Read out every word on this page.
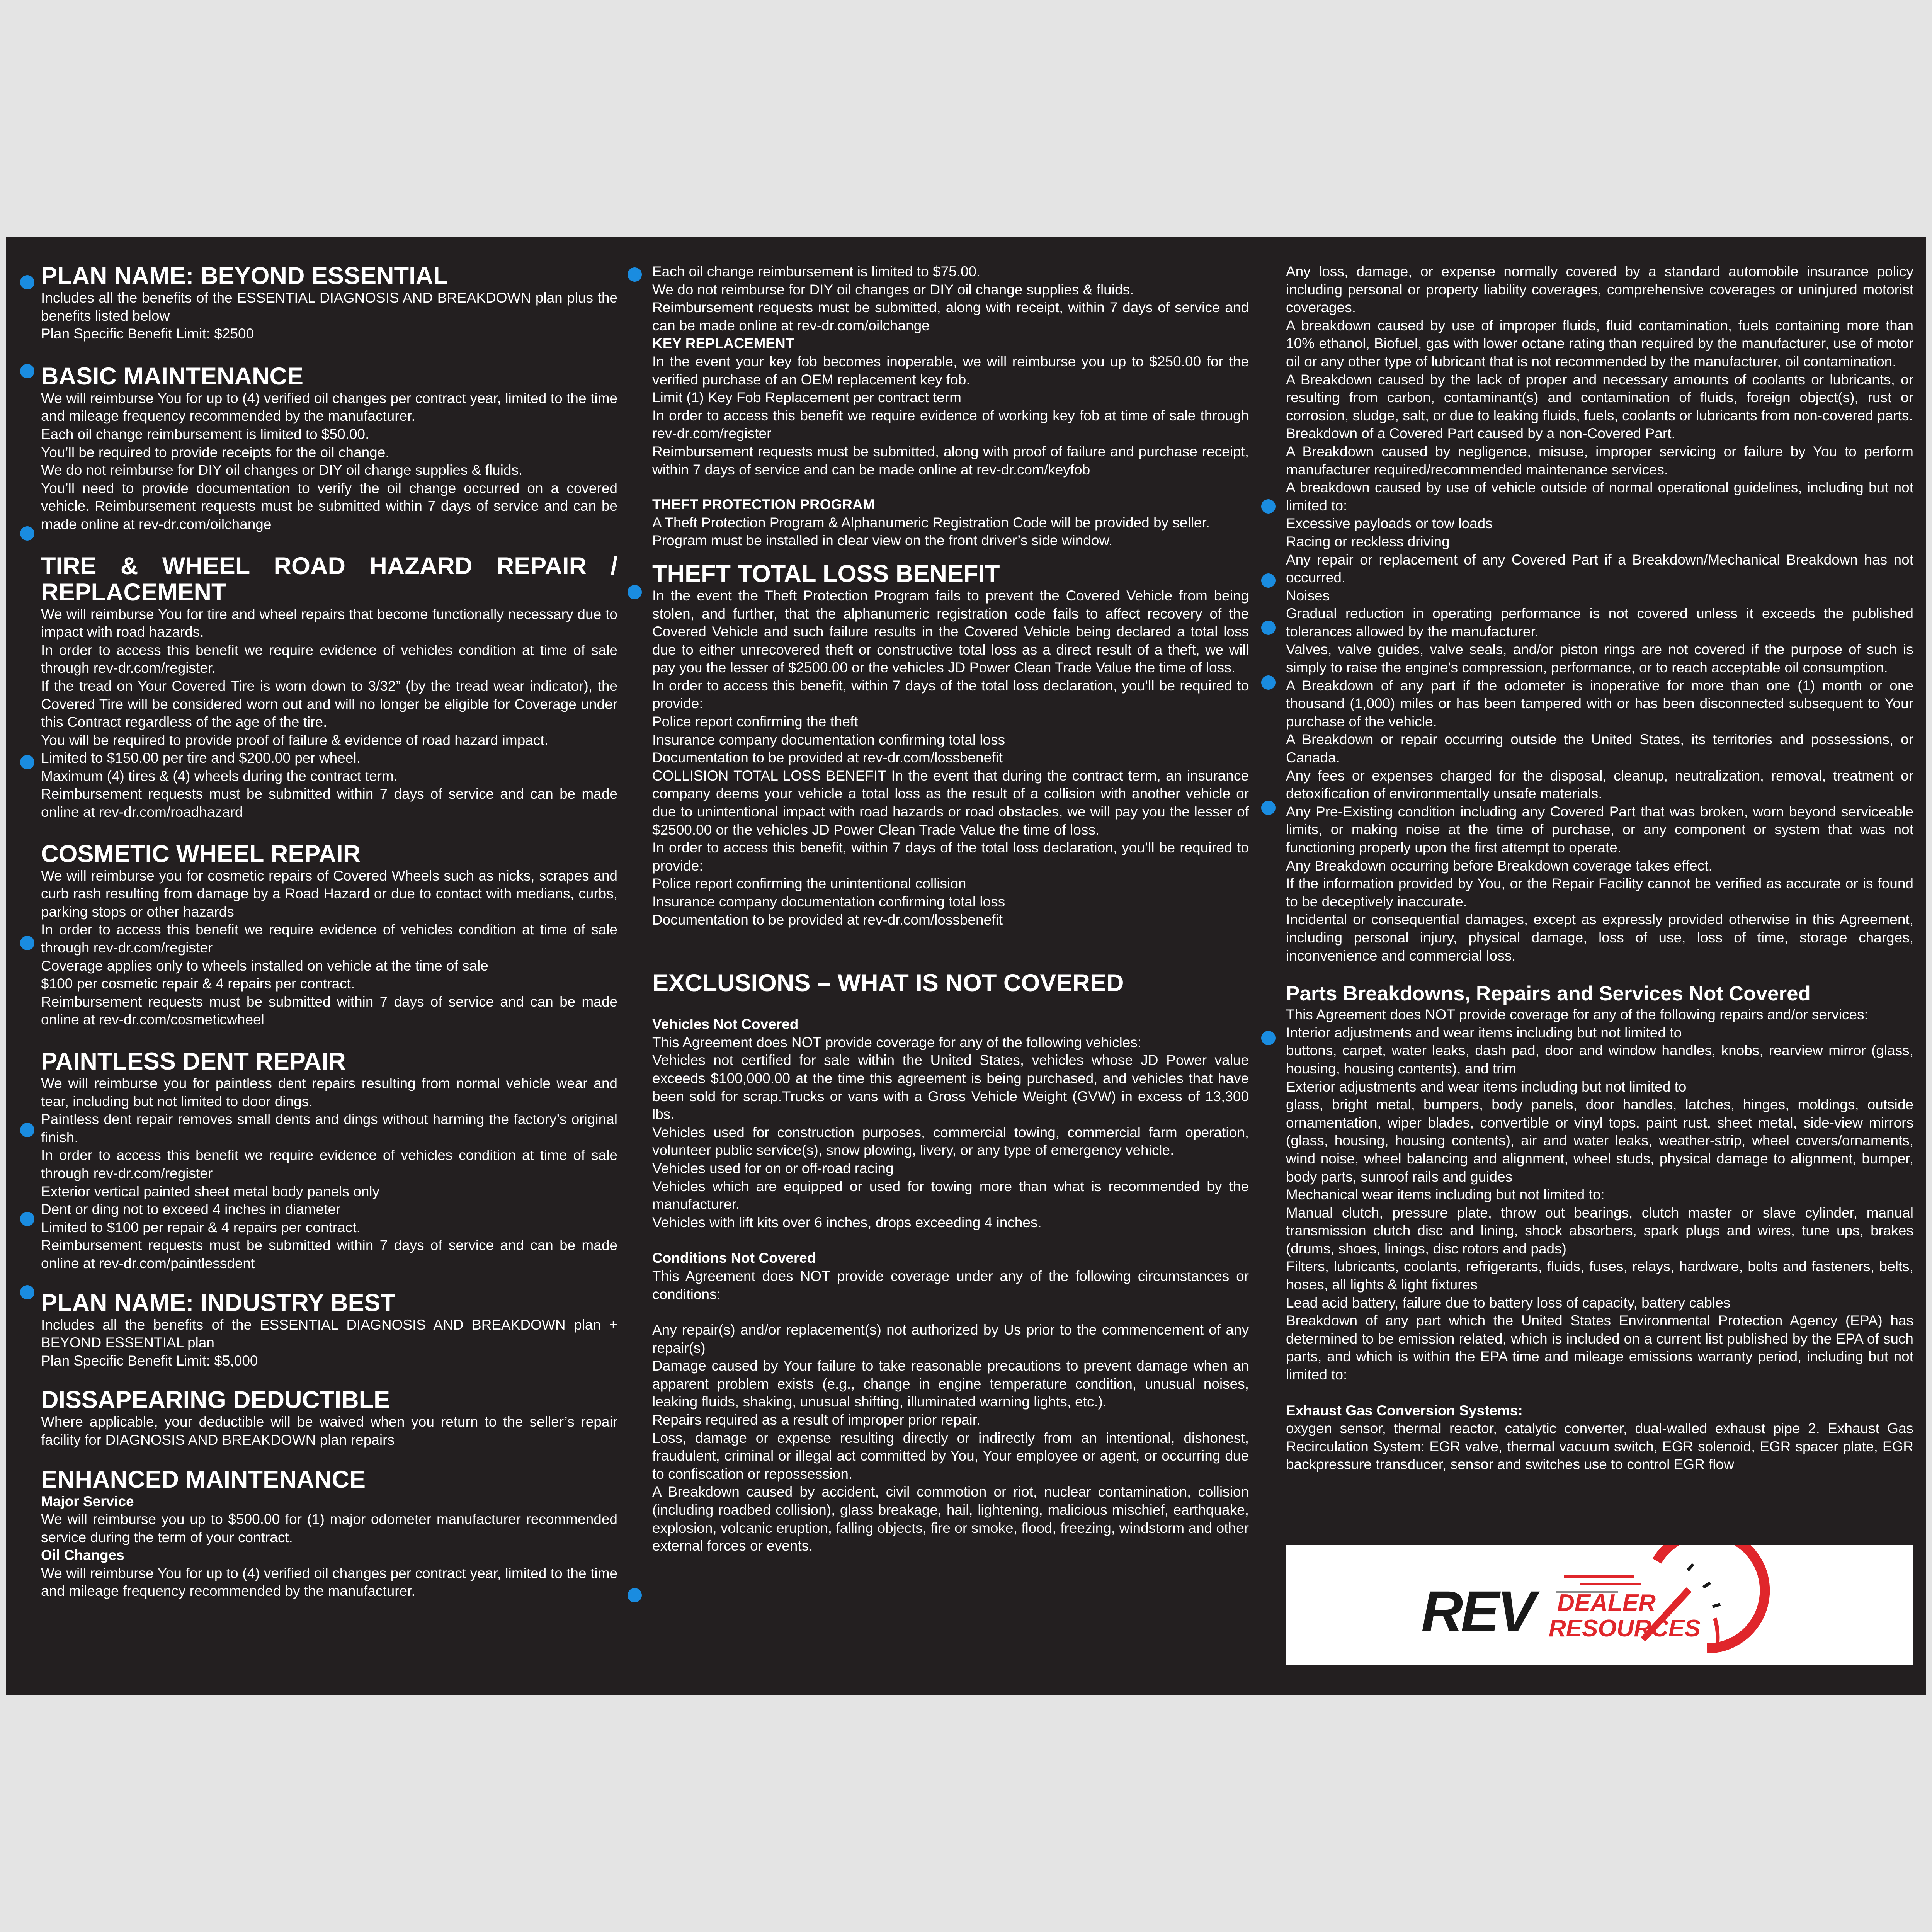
PLAN NAME: BEYOND ESSENTIAL

Includes all the benefits of the ESSENTIAL DIAGNOSIS AND BREAKDOWN plan plus the benefits listed below

Plan Specific Benefit Limit: $2500

BASIC MAINTENANCE

We will reimburse You for up to (4) verified oil changes per contract year, limited to the time and mileage frequency recommended by the manufacturer.

Each oil change reimbursement is limited to $50.00.

You’ll be required to provide receipts for the oil change.

We do not reimburse for DIY oil changes or DIY oil change supplies & fluids.

You’ll need to provide documentation to verify the oil change occurred on a covered vehicle. Reimbursement requests must be submitted within 7 days of service and can be made online at rev-dr.com/oilchange

TIRE & WHEEL ROAD HAZARD REPAIR / REPLACEMENT

We will reimburse You for tire and wheel repairs that become functionally necessary due to impact with road hazards.

In order to access this benefit we require evidence of vehicles condition at time of sale through rev-dr.com/register.

If the tread on Your Covered Tire is worn down to 3/32” (by the tread wear indicator), the Covered Tire will be considered worn out and will no longer be eligible for Coverage under this Contract regardless of the age of the tire.

You will be required to provide proof of failure & evidence of road hazard impact.

Limited to $150.00 per tire and $200.00 per wheel.

Maximum (4) tires & (4) wheels during the contract term.

Reimbursement requests must be submitted within 7 days of service and can be made online at rev-dr.com/roadhazard

COSMETIC WHEEL REPAIR

We will reimburse you for cosmetic repairs of Covered Wheels such as nicks, scrapes and curb rash resulting from damage by a Road Hazard or due to contact with medians, curbs, parking stops or other hazards

In order to access this benefit we require evidence of vehicles condition at time of sale through rev-dr.com/register

Coverage applies only to wheels installed on vehicle at the time of sale

$100 per cosmetic repair & 4 repairs per contract.

Reimbursement requests must be submitted within 7 days of service and can be made online at rev-dr.com/cosmeticwheel

PAINTLESS DENT REPAIR

We will reimburse you for paintless dent repairs resulting from normal vehicle wear and tear, including but not limited to door dings.

Paintless dent repair removes small dents and dings without harming the factory’s original finish.

In order to access this benefit we require evidence of vehicles condition at time of sale through rev-dr.com/register

Exterior vertical painted sheet metal body panels only

Dent or ding not to exceed 4 inches in diameter

Limited to $100 per repair & 4 repairs per contract.

Reimbursement requests must be submitted within 7 days of service and can be made online at rev-dr.com/paintlessdent

PLAN NAME: INDUSTRY BEST

Includes all the benefits of the ESSENTIAL DIAGNOSIS AND BREAKDOWN plan + BEYOND ESSENTIAL plan

Plan Specific Benefit Limit: $5,000

DISSAPEARING DEDUCTIBLE

Where applicable, your deductible will be waived when you return to the seller’s repair facility for DIAGNOSIS AND BREAKDOWN plan repairs

ENHANCED MAINTENANCE

Major Service

We will reimburse you up to $500.00 for (1) major odometer manufacturer recommended service during the term of your contract.

Oil Changes

We will reimburse You for up to (4) verified oil changes per contract year, limited to the time and mileage frequency recommended by the manufacturer.

Each oil change reimbursement is limited to $75.00.

We do not reimburse for DIY oil changes or DIY oil change supplies & fluids.

Reimbursement requests must be submitted, along with receipt, within 7 days of service and can be made online at rev-dr.com/oilchange

KEY REPLACEMENT

In the event your key fob becomes inoperable, we will reimburse you up to $250.00 for the verified purchase of an OEM replacement key fob.

Limit (1) Key Fob Replacement per contract term

In order to access this benefit we require evidence of working key fob at time of sale through rev-dr.com/register

Reimbursement requests must be submitted, along with proof of failure and purchase receipt, within 7 days of service and can be made online at rev-dr.com/keyfob

THEFT PROTECTION PROGRAM

A Theft Protection Program & Alphanumeric Registration Code will be provided by seller.

Program must be installed in clear view on the front driver’s side window.

THEFT TOTAL LOSS BENEFIT

In the event the Theft Protection Program fails to prevent the Covered Vehicle from being stolen, and further, that the alphanumeric registration code fails to affect recovery of the Covered Vehicle and such failure results in the Covered Vehicle being declared a total loss due to either unrecovered theft or constructive total loss as a direct result of a theft, we will pay you the lesser of $2500.00 or the vehicles JD Power Clean Trade Value the time of loss.

In order to access this benefit, within 7 days of the total loss declaration, you’ll be required to provide:

Police report confirming the theft

Insurance company documentation confirming total loss

Documentation to be provided at rev-dr.com/lossbenefit

COLLISION TOTAL LOSS BENEFIT In the event that during the contract term, an insurance company deems your vehicle a total loss as the result of a collision with another vehicle or due to unintentional impact with road hazards or road obstacles, we will pay you the lesser of $2500.00 or the vehicles JD Power Clean Trade Value the time of loss.

In order to access this benefit, within 7 days of the total loss declaration, you’ll be required to provide:

Police report confirming the unintentional collision

Insurance company documentation confirming total loss

Documentation to be provided at rev-dr.com/lossbenefit

EXCLUSIONS – WHAT IS NOT COVERED

Vehicles Not Covered

This Agreement does NOT provide coverage for any of the following vehicles:

Vehicles not certified for sale within the United States, vehicles whose JD Power value exceeds $100,000.00 at the time this agreement is being purchased, and vehicles that have been sold for scrap.Trucks or vans with a Gross Vehicle Weight (GVW) in excess of 13,300 lbs.

Vehicles used for construction purposes, commercial towing, commercial farm operation, volunteer public service(s), snow plowing, livery, or any type of emergency vehicle.

Vehicles used for on or off-road racing

Vehicles which are equipped or used for towing more than what is recommended by the manufacturer.

Vehicles with lift kits over 6 inches, drops exceeding 4 inches.

Conditions Not Covered

This Agreement does NOT provide coverage under any of the following circumstances or conditions:

Any repair(s) and/or replacement(s) not authorized by Us prior to the commencement of any repair(s)

Damage caused by Your failure to take reasonable precautions to prevent damage when an apparent problem exists (e.g., change in engine temperature condition, unusual noises, leaking fluids, shaking, unusual shifting, illuminated warning lights, etc.).

Repairs required as a result of improper prior repair.

Loss, damage or expense resulting directly or indirectly from an intentional, dishonest, fraudulent, criminal or illegal act committed by You, Your employee or agent, or occurring due to confiscation or repossession.

A Breakdown caused by accident, civil commotion or riot, nuclear contamination, collision (including roadbed collision), glass breakage, hail, lightening, malicious mischief, earthquake, explosion, volcanic eruption, falling objects, fire or smoke, flood, freezing, windstorm and other external forces or events.

Any loss, damage, or expense normally covered by a standard automobile insurance policy including personal or property liability coverages, comprehensive coverages or uninjured motorist coverages.

A breakdown caused by use of improper fluids, fluid contamination, fuels containing more than 10% ethanol, Biofuel, gas with lower octane rating than required by the manufacturer, use of motor oil or any other type of lubricant that is not recommended by the manufacturer, oil contamination.

A Breakdown caused by the lack of proper and necessary amounts of coolants or lubricants, or resulting from carbon, contaminant(s) and contamination of fluids, foreign object(s), rust or corrosion, sludge, salt, or due to leaking fluids, fuels, coolants or lubricants from non-covered parts.

Breakdown of a Covered Part caused by a non-Covered Part.

A Breakdown caused by negligence, misuse, improper servicing or failure by You to perform manufacturer required/recommended maintenance services.

A breakdown caused by use of vehicle outside of normal operational guidelines, including but not limited to:

Excessive payloads or tow loads

Racing or reckless driving

Any repair or replacement of any Covered Part if a Breakdown/Mechanical Breakdown has not occurred.

Noises

Gradual reduction in operating performance is not covered unless it exceeds the published tolerances allowed by the manufacturer.

Valves, valve guides, valve seals, and/or piston rings are not covered if the purpose of such is simply to raise the engine's compression, performance, or to reach acceptable oil consumption.

A Breakdown of any part if the odometer is inoperative for more than one (1) month or one thousand (1,000) miles or has been tampered with or has been disconnected subsequent to Your purchase of the vehicle.

A Breakdown or repair occurring outside the United States, its territories and possessions, or Canada.

Any fees or expenses charged for the disposal, cleanup, neutralization, removal, treatment or detoxification of environmentally unsafe materials.

Any Pre-Existing condition including any Covered Part that was broken, worn beyond serviceable limits, or making noise at the time of purchase, or any component or system that was not functioning properly upon the first attempt to operate.

Any Breakdown occurring before Breakdown coverage takes effect.

If the information provided by You, or the Repair Facility cannot be verified as accurate or is found to be deceptively inaccurate.

Incidental or consequential damages, except as expressly provided otherwise in this Agreement, including personal injury, physical damage, loss of use, loss of time, storage charges, inconvenience and commercial loss.

Parts Breakdowns, Repairs and Services Not Covered

This Agreement does NOT provide coverage for any of the following repairs and/or services:

Interior adjustments and wear items including but not limited to

buttons, carpet, water leaks, dash pad, door and window handles, knobs, rearview mirror (glass, housing, housing contents), and trim

Exterior adjustments and wear items including but not limited to

glass, bright metal, bumpers, body panels, door handles, latches, hinges, moldings, outside ornamentation, wiper blades, convertible or vinyl tops, paint rust, sheet metal, side-view mirrors (glass, housing, housing contents), air and water leaks, weather-strip, wheel covers/ornaments, wind noise, wheel balancing and alignment, wheel studs, physical damage to alignment, bumper, body parts, sunroof rails and guides

Mechanical wear items including but not limited to:

Manual clutch, pressure plate, throw out bearings, clutch master or slave cylinder, manual transmission clutch disc and lining, shock absorbers, spark plugs and wires, tune ups, brakes (drums, shoes, linings, disc rotors and pads)

Filters, lubricants, coolants, refrigerants, fluids, fuses, relays, hardware, bolts and fasteners, belts, hoses, all lights & light fixtures

Lead acid battery, failure due to battery loss of capacity, battery cables

Breakdown of any part which the United States Environmental Protection Agency (EPA) has determined to be emission related, which is included on a current list published by the EPA of such parts, and which is within the EPA time and mileage emissions warranty period, including but not limited to:

Exhaust Gas Conversion Systems:

oxygen sensor, thermal reactor, catalytic converter, dual-walled exhaust pipe 2. Exhaust Gas Recirculation System: EGR valve, thermal vacuum switch, EGR solenoid, EGR spacer plate, EGR backpressure transducer, sensor and switches use to control EGR flow

REV DEALER
RESOURCES
